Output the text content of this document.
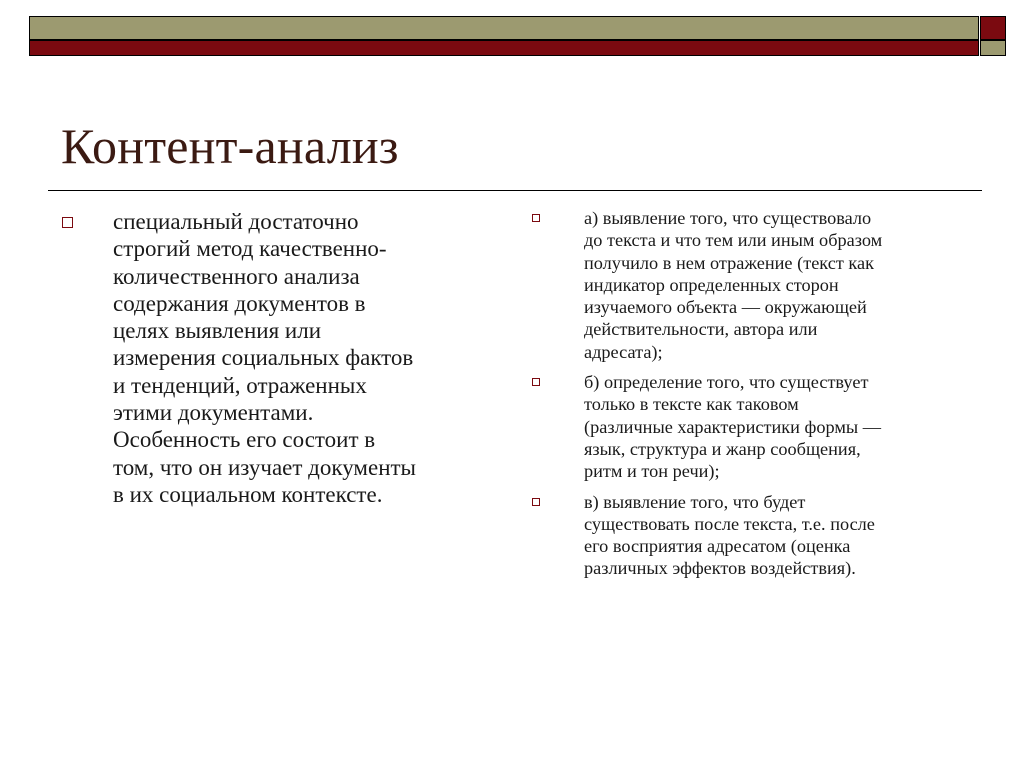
Контент-анализ
специальный достаточно
строгий метод качественно-
количественного анализа
содержания документов в
целях выявления или
измерения социальных фактов
и тенденций, отраженных
этими документами.
Особенность его состоит в
том, что он изучает документы
в их социальном контексте.
а) выявление того, что существовало
до текста и что тем или иным образом
получило в нем отражение (текст как
индикатор определенных сторон
изучаемого объекта — окружающей
действительности, автора или
адресата);
б) определение того, что существует
только в тексте как таковом
(различные характеристики формы —
язык, структура и жанр сообщения,
ритм и тон речи);
в) выявление того, что будет
существовать после текста, т.е. после
его восприятия адресатом (оценка
различных эффектов воздействия).
